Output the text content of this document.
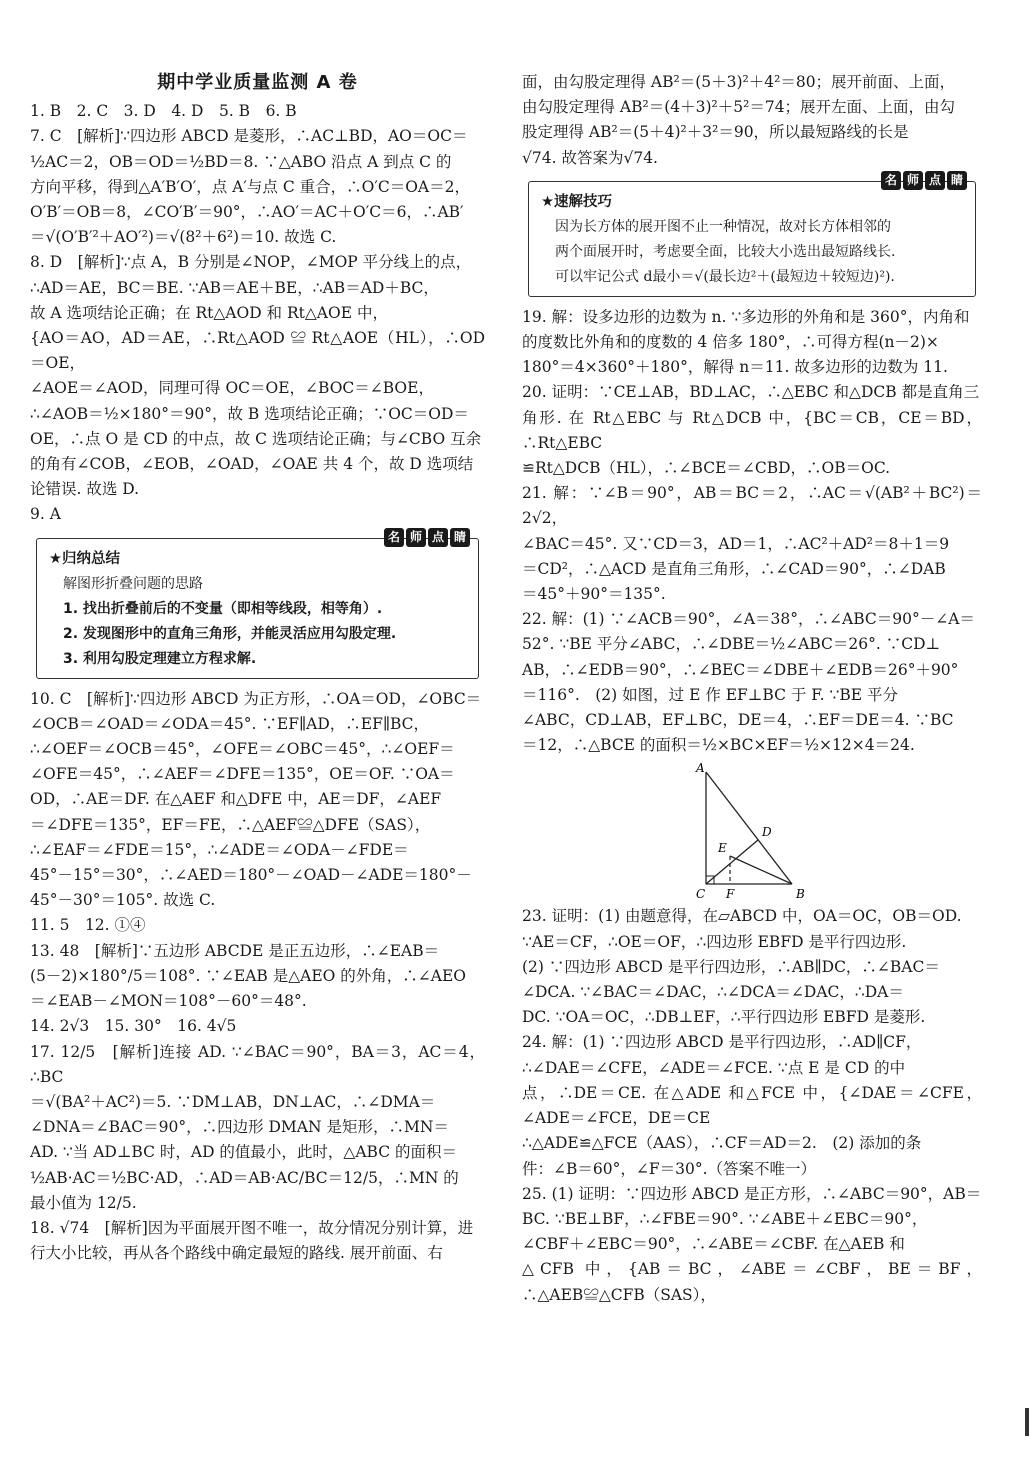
期中学业质量监测 A 卷

1. B　2. C　3. D　4. D　5. B　6. B

7. C　[解析]∵四边形 ABCD 是菱形，∴AC⊥BD，AO＝OC＝

½AC＝2，OB＝OD＝½BD＝8. ∵△ABO 沿点 A 到点 C 的

方向平移，得到△A′B′O′，点 A′与点 C 重合，∴O′C＝OA＝2，

O′B′＝OB＝8，∠CO′B′＝90°，∴AO′＝AC＋O′C＝6，∴AB′

＝√(O′B′²＋AO′²)＝√(8²＋6²)＝10. 故选 C.

8. D　[解析]∵点 A，B 分别是∠NOP，∠MOP 平分线上的点，

∴AD＝AE，BC＝BE. ∵AB＝AE＋BE，∴AB＝AD＋BC，

故 A 选项结论正确；在 Rt△AOD 和 Rt△AOE 中，

{AO＝AO，AD＝AE，∴Rt△AOD ≌ Rt△AOE（HL），∴OD＝OE，

∠AOE＝∠AOD，同理可得 OC＝OE，∠BOC＝∠BOE，

∴∠AOB＝½×180°＝90°，故 B 选项结论正确；∵OC＝OD＝

OE，∴点 O 是 CD 的中点，故 C 选项结论正确；与∠CBO 互余

的角有∠COB，∠EOB，∠OAD，∠OAE 共 4 个，故 D 选项结

论错误. 故选 D.

9. A

名 师 点 睛
★归纳总结

解图形折叠问题的思路

1. 找出折叠前后的不变量（即相等线段，相等角）.

2. 发现图形中的直角三角形，并能灵活应用勾股定理.

3. 利用勾股定理建立方程求解.

10. C　[解析]∵四边形 ABCD 为正方形，∴OA＝OD，∠OBC＝

∠OCB＝∠OAD＝∠ODA＝45°. ∵EF∥AD，∴EF∥BC，

∴∠OEF＝∠OCB＝45°，∠OFE＝∠OBC＝45°，∴∠OEF＝

∠OFE＝45°，∴∠AEF＝∠DFE＝135°，OE＝OF. ∵OA＝

OD，∴AE＝DF. 在△AEF 和△DFE 中，AE＝DF，∠AEF

＝∠DFE＝135°，EF＝FE，∴△AEF≌△DFE（SAS），

∴∠EAF＝∠FDE＝15°，∴∠ADE＝∠ODA－∠FDE＝

45°－15°＝30°，∴∠AED＝180°－∠OAD－∠ADE＝180°－

45°－30°＝105°. 故选 C.

11. 5　12. ①④

13. 48　[解析]∵五边形 ABCDE 是正五边形，∴∠EAB＝

(5－2)×180°/5＝108°. ∵∠EAB 是△AEO 的外角，∴∠AEO

＝∠EAB－∠MON＝108°－60°＝48°.

14. 2√3　15. 30°　16. 4√5

17. 12/5　[解析]连接 AD. ∵∠BAC＝90°，BA＝3，AC＝4，∴BC

＝√(BA²＋AC²)＝5. ∵DM⊥AB，DN⊥AC，∴∠DMA＝

∠DNA＝∠BAC＝90°，∴四边形 DMAN 是矩形，∴MN＝

AD. ∵当 AD⊥BC 时，AD 的值最小，此时，△ABC 的面积＝

½AB·AC＝½BC·AD，∴AD＝AB·AC/BC＝12/5，∴MN 的

最小值为 12/5.

18. √74　[解析]因为平面展开图不唯一，故分情况分别计算，进

行大小比较，再从各个路线中确定最短的路线. 展开前面、右

面，由勾股定理得 AB²＝(5＋3)²＋4²＝80；展开前面、上面，

由勾股定理得 AB²＝(4＋3)²＋5²＝74；展开左面、上面，由勾

股定理得 AB²＝(5＋4)²＋3²＝90，所以最短路线的长是

√74. 故答案为√74.

名 师 点 睛
★速解技巧

因为长方体的展开图不止一种情况，故对长方体相邻的

两个面展开时，考虑要全面，比较大小选出最短路线长.

可以牢记公式 d最小＝√(最长边²＋(最短边＋较短边)²).

19. 解：设多边形的边数为 n. ∵多边形的外角和是 360°，内角和

的度数比外角和的度数的 4 倍多 180°，∴可得方程(n－2)×

180°＝4×360°＋180°，解得 n＝11. 故多边形的边数为 11.

20. 证明：∵CE⊥AB，BD⊥AC，∴△EBC 和△DCB 都是直角三

角形. 在 Rt△EBC 与 Rt△DCB 中，{BC＝CB，CE＝BD，∴Rt△EBC

≌Rt△DCB（HL），∴∠BCE＝∠CBD，∴OB＝OC.

21. 解：∵∠B＝90°，AB＝BC＝2，∴AC＝√(AB²＋BC²)＝2√2，

∠BAC＝45°. 又∵CD＝3，AD＝1，∴AC²＋AD²＝8＋1＝9

＝CD²，∴△ACD 是直角三角形，∴∠CAD＝90°，∴∠DAB

＝45°＋90°＝135°.

22. 解：(1) ∵∠ACB＝90°，∠A＝38°，∴∠ABC＝90°－∠A＝

52°. ∵BE 平分∠ABC，∴∠DBE＝½∠ABC＝26°. ∵CD⊥

AB，∴∠EDB＝90°，∴∠BEC＝∠DBE＋∠EDB＝26°＋90°

＝116°.　(2) 如图，过 E 作 EF⊥BC 于 F. ∵BE 平分

∠ABC，CD⊥AB，EF⊥BC，DE＝4，∴EF＝DE＝4. ∵BC

＝12，∴△BCE 的面积＝½×BC×EF＝½×12×4＝24.

A
B
C
D
E
F

23. 证明：(1) 由题意得，在▱ABCD 中，OA＝OC，OB＝OD.

∵AE＝CF，∴OE＝OF，∴四边形 EBFD 是平行四边形.

(2) ∵四边形 ABCD 是平行四边形，∴AB∥DC，∴∠BAC＝

∠DCA. ∵∠BAC＝∠DAC，∴∠DCA＝∠DAC，∴DA＝

DC. ∵OA＝OC，∴DB⊥EF，∴平行四边形 EBFD 是菱形.

24. 解：(1) ∵四边形 ABCD 是平行四边形，∴AD∥CF，

∴∠DAE＝∠CFE，∠ADE＝∠FCE. ∵点 E 是 CD 的中

点，∴DE＝CE. 在△ADE 和△FCE 中，{∠DAE＝∠CFE，∠ADE＝∠FCE，DE＝CE

∴△ADE≌△FCE（AAS），∴CF＝AD＝2.　(2) 添加的条

件：∠B＝60°，∠F＝30°.（答案不唯一）

25. (1) 证明：∵四边形 ABCD 是正方形，∴∠ABC＝90°，AB＝

BC. ∵BE⊥BF，∴∠FBE＝90°. ∵∠ABE＋∠EBC＝90°，

∠CBF＋∠EBC＝90°，∴∠ABE＝∠CBF. 在△AEB 和

△CFB 中，{AB＝BC，∠ABE＝∠CBF，BE＝BF，∴△AEB≌△CFB（SAS），
